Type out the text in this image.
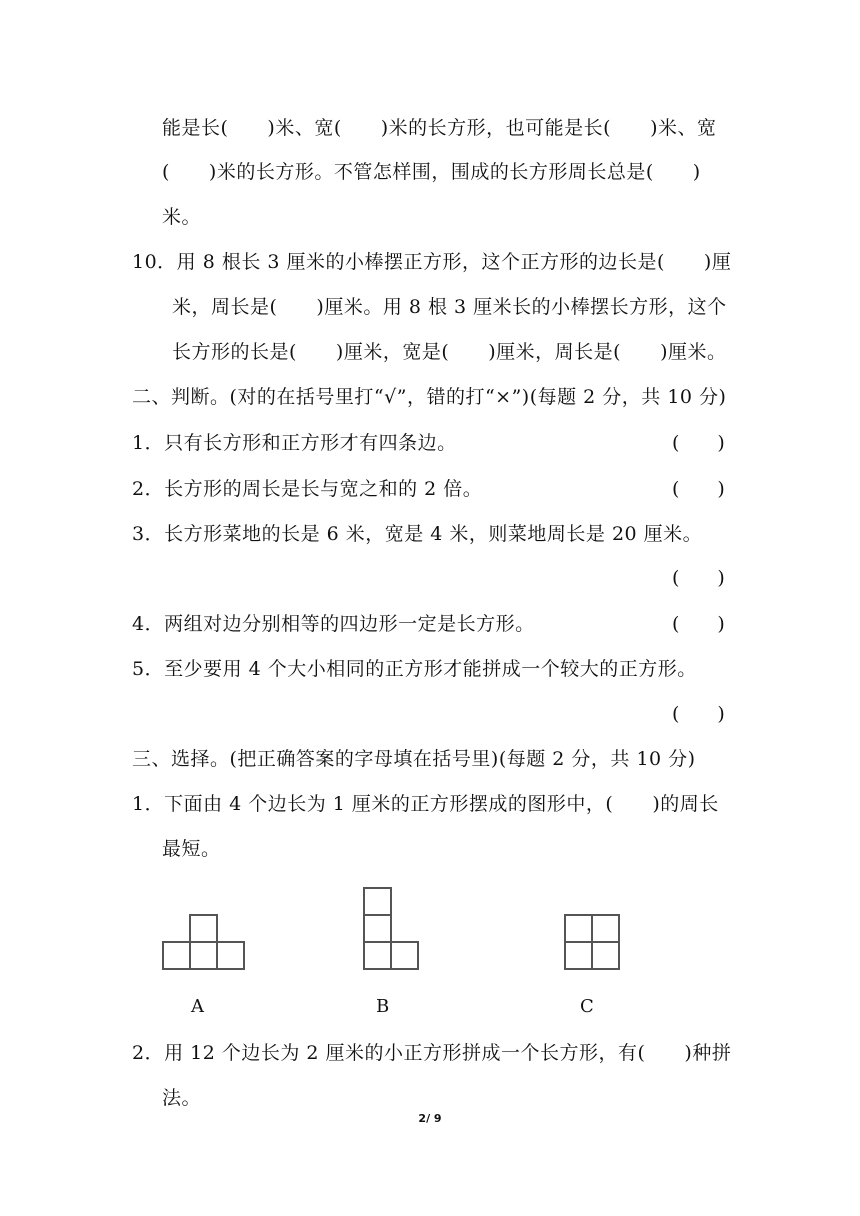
能是长(　　)米、宽(　　)米的长方形，也可能是长(　　)米、宽
(　　)米的长方形。不管怎样围，围成的长方形周长总是(　　)
米。
10．用 8 根长 3 厘米的小棒摆正方形，这个正方形的边长是(　　)厘
米，周长是(　　)厘米。用 8 根 3 厘米长的小棒摆长方形，这个
长方形的长是(　　)厘米，宽是(　　)厘米，周长是(　　)厘米。
二、判断。(对的在括号里打“√”，错的打“×”)(每题 2 分，共 10 分)
1．只有长方形和正方形才有四条边。	(　　)
2．长方形的周长是长与宽之和的 2 倍。	(　　)
3．长方形菜地的长是 6 米，宽是 4 米，则菜地周长是 20 厘米。
(　　)
4．两组对边分别相等的四边形一定是长方形。	(　　)
5．至少要用 4 个大小相同的正方形才能拼成一个较大的正方形。
(　　)
三、选择。(把正确答案的字母填在括号里)(每题 2 分，共 10 分)
1．下面由 4 个边长为 1 厘米的正方形摆成的图形中，(　　)的周长
最短。
A	B	C
2．用 12 个边长为 2 厘米的小正方形拼成一个长方形，有(　　)种拼
法。
2/ 9
